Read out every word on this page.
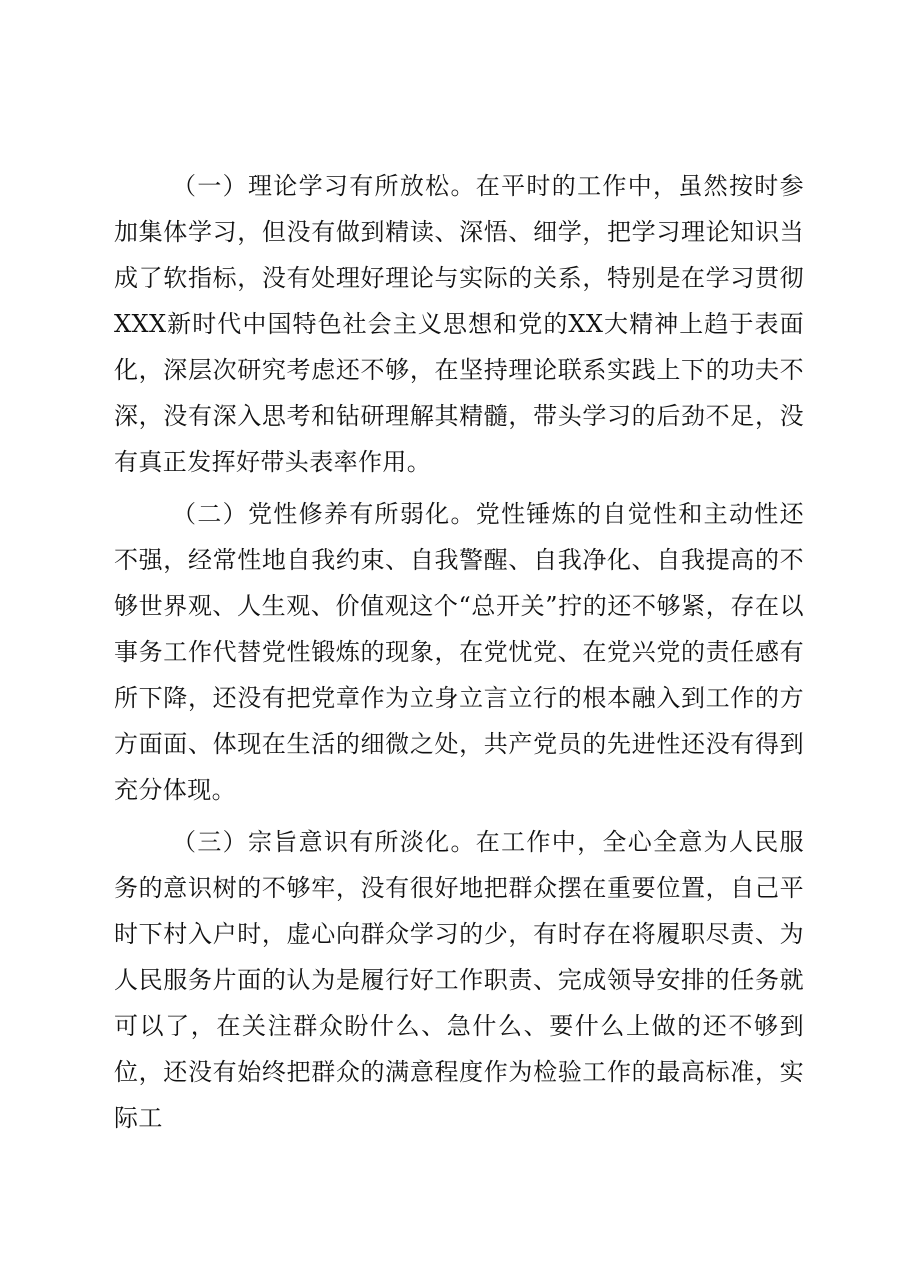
（一）理论学习有所放松。在平时的工作中，虽然按时参加集体学习，但没有做到精读、深悟、细学，把学习理论知识当成了软指标，没有处理好理论与实际的关系，特别是在学习贯彻XXX新时代中国特色社会主义思想和党的XX大精神上趋于表面化，深层次研究考虑还不够，在坚持理论联系实践上下的功夫不深，没有深入思考和钻研理解其精髓，带头学习的后劲不足，没有真正发挥好带头表率作用。

（二）党性修养有所弱化。党性锤炼的自觉性和主动性还不强，经常性地自我约束、自我警醒、自我净化、自我提高的不够世界观、人生观、价值观这个“总开关”拧的还不够紧，存在以事务工作代替党性锻炼的现象，在党忧党、在党兴党的责任感有所下降，还没有把党章作为立身立言立行的根本融入到工作的方方面面、体现在生活的细微之处，共产党员的先进性还没有得到充分体现。

（三）宗旨意识有所淡化。在工作中，全心全意为人民服务的意识树的不够牢，没有很好地把群众摆在重要位置，自己平时下村入户时，虚心向群众学习的少，有时存在将履职尽责、为人民服务片面的认为是履行好工作职责、完成领导安排的任务就可以了，在关注群众盼什么、急什么、要什么上做的还不够到位，还没有始终把群众的满意程度作为检验工作的最高标准，实际工
